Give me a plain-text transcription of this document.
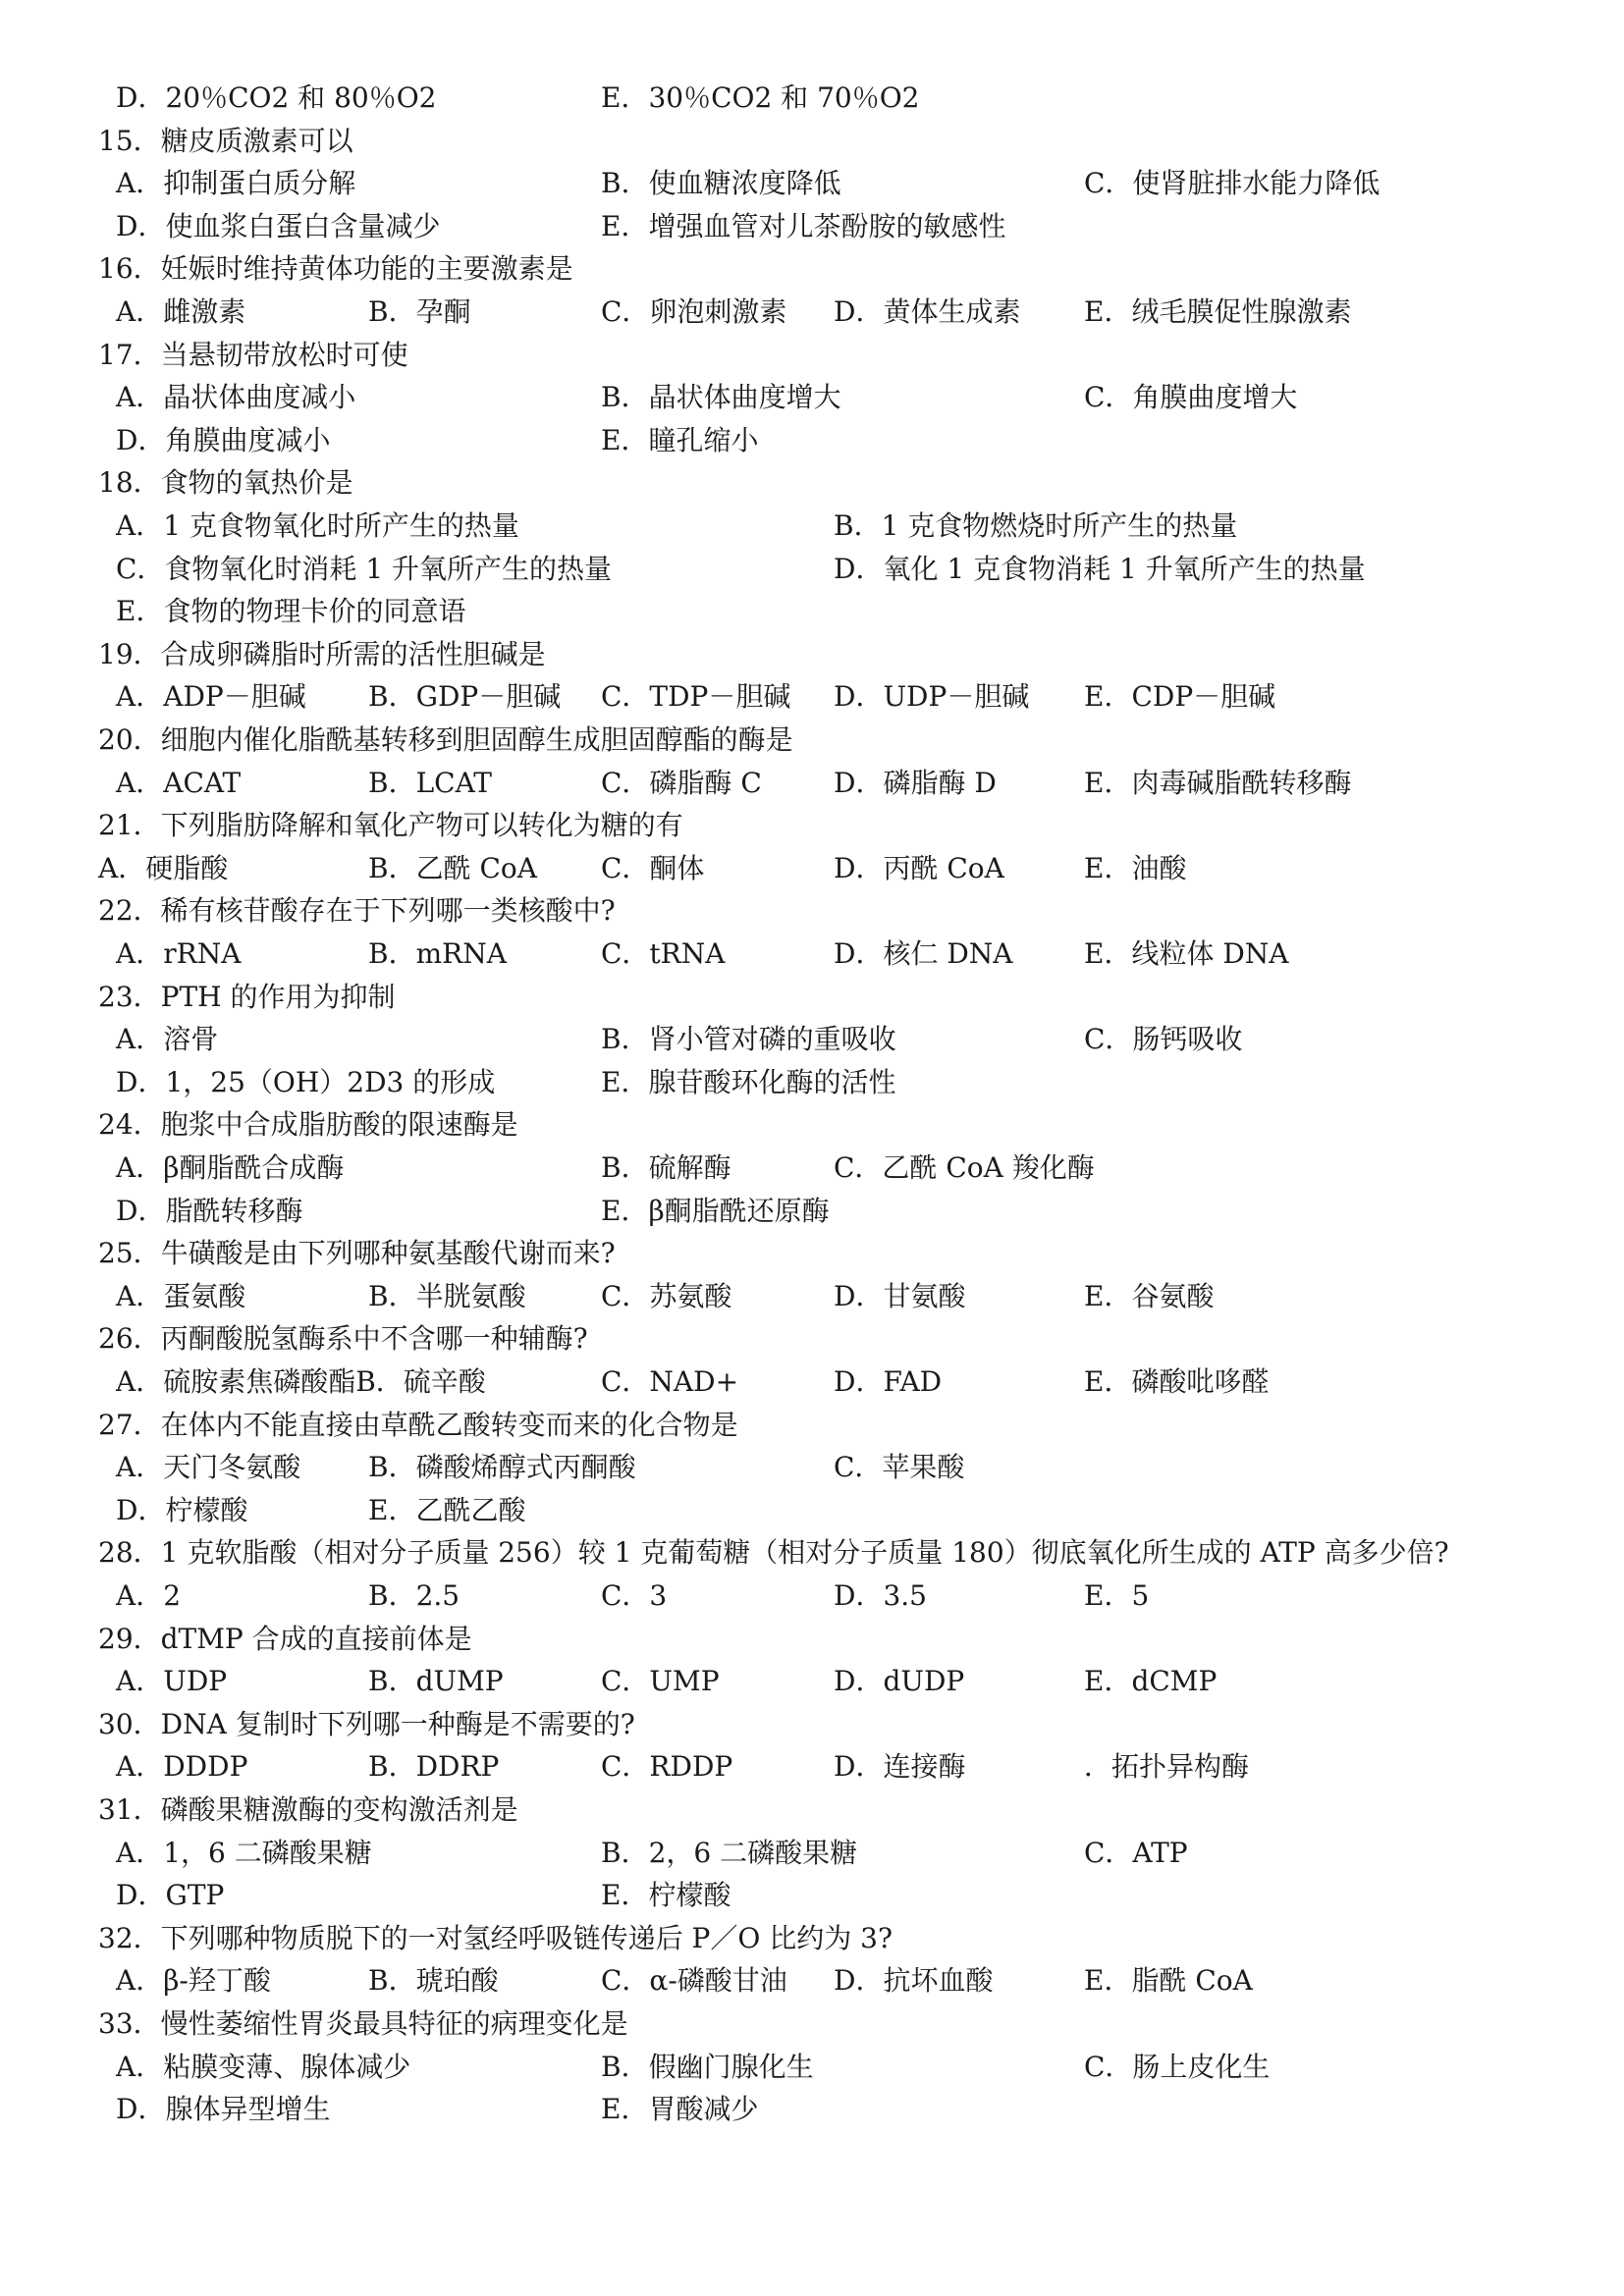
D．20％CO2 和 80％O2	E．30％CO2 和 70％O2
15．糖皮质激素可以
A．抑制蛋白质分解	B．使血糖浓度降低	C．使肾脏排水能力降低
D．使血浆白蛋白含量减少	E．增强血管对儿茶酚胺的敏感性
16．妊娠时维持黄体功能的主要激素是
A．雌激素	B．孕酮	C．卵泡刺激素 D．黄体生成素 E．绒毛膜促性腺激素
17．当悬韧带放松时可使
A．晶状体曲度减小	B．晶状体曲度增大	C．角膜曲度增大
D．角膜曲度减小	E．瞳孔缩小
18．食物的氧热价是
A．1 克食物氧化时所产生的热量	B．1 克食物燃烧时所产生的热量
C．食物氧化时消耗 1 升氧所产生的热量	D．氧化 1 克食物消耗 1 升氧所产生的热量
E．食物的物理卡价的同意语
19．合成卵磷脂时所需的活性胆碱是
A．ADP－胆碱 B．GDP－胆碱 C．TDP－胆碱 D．UDP－胆碱 E．CDP－胆碱
20．细胞内催化脂酰基转移到胆固醇生成胆固醇酯的酶是
A．ACAT	B．LCAT	C．磷脂酶 C	D．磷脂酶 D	E．肉毒碱脂酰转移酶
21．下列脂肪降解和氧化产物可以转化为糖的有
A．硬脂酸	B．乙酰 CoA C．酮体	D．丙酰 CoA	E．油酸
22．稀有核苷酸存在于下列哪一类核酸中?
A．rRNA	B．mRNA	C．tRNA	D．核仁 DNA	E．线粒体 DNA
23．PTH 的作用为抑制
A．溶骨	B．肾小管对磷的重吸收	C．肠钙吸收
D．1，25（OH）2D3 的形成	E．腺苷酸环化酶的活性
24．胞浆中合成脂肪酸的限速酶是
A．β酮脂酰合成酶	B．硫解酶	C．乙酰 CoA 羧化酶
D．脂酰转移酶	E．β酮脂酰还原酶
25．牛磺酸是由下列哪种氨基酸代谢而来?
A．蛋氨酸	B．半胱氨酸	C．苏氨酸	D．甘氨酸	E．谷氨酸
26．丙酮酸脱氢酶系中不含哪一种辅酶?
A．硫胺素焦磷酸酯B．硫辛酸	C．NAD+	D．FAD	E．磷酸吡哆醛
27．在体内不能直接由草酰乙酸转变而来的化合物是
A．天门冬氨酸 B．磷酸烯醇式丙酮酸	C．苹果酸
D．柠檬酸	E．乙酰乙酸
28．1 克软脂酸（相对分子质量 256）较 1 克葡萄糖（相对分子质量 180）彻底氧化所生成的 ATP 高多少倍?
A．2	B．2.5	C．3	D．3.5	E．5
29．dTMP 合成的直接前体是
A．UDP	B．dUMP	C．UMP	D．dUDP	E．dCMP
30．DNA 复制时下列哪一种酶是不需要的?
A．DDDP	B．DDRP	C．RDDP	D．连接酶	．拓扑异构酶
31．磷酸果糖激酶的变构激活剂是
A．1，6 二磷酸果糖	B．2，6 二磷酸果糖	C．ATP
D．GTP	E．柠檬酸
32．下列哪种物质脱下的一对氢经呼吸链传递后 P／O 比约为 3?
A．β-羟丁酸	B．琥珀酸	C．α-磷酸甘油 D．抗坏血酸	E．脂酰 CoA
33．慢性萎缩性胃炎最具特征的病理变化是
A．粘膜变薄、腺体减少	B．假幽门腺化生	C．肠上皮化生
D．腺体异型增生	E．胃酸减少
